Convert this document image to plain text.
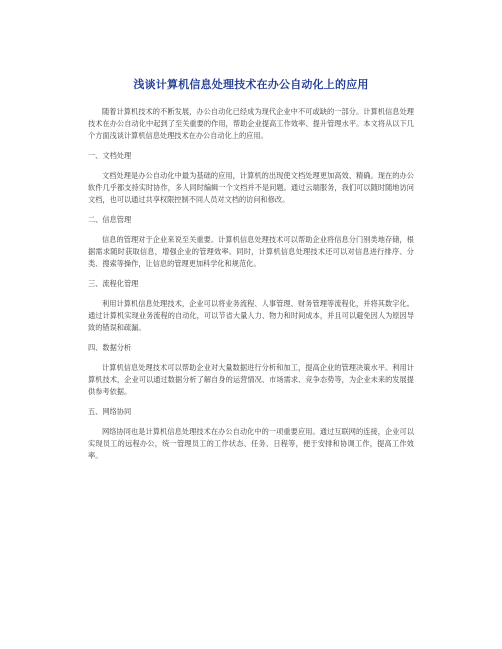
浅谈计算机信息处理技术在办公自动化上的应用

随着计算机技术的不断发展，办公自动化已经成为现代企业中不可或缺的一部分。计算机信息处理技术在办公自动化中起到了至关重要的作用，帮助企业提高工作效率、提升管理水平。本文将从以下几个方面浅谈计算机信息处理技术在办公自动化上的应用。

一、文档处理

文档处理是办公自动化中最为基础的应用，计算机的出现使文档处理更加高效、精确。现在的办公软件几乎都支持实时协作，多人同时编辑一个文档并不是问题。通过云端服务，我们可以随时随地访问文档，也可以通过共享权限控制不同人员对文档的访问和修改。

二、信息管理

信息的管理对于企业来说至关重要。计算机信息处理技术可以帮助企业将信息分门别类地存储，根据需求随时获取信息，增强企业的管理效率。同时，计算机信息处理技术还可以对信息进行排序、分类、搜索等操作，让信息的管理更加科学化和规范化。

三、流程化管理

利用计算机信息处理技术，企业可以将业务流程、人事管理、财务管理等流程化，并将其数字化。通过计算机实现业务流程的自动化，可以节省大量人力、物力和时间成本，并且可以避免因人为原因导致的错误和疏漏。

四、数据分析

计算机信息处理技术可以帮助企业对大量数据进行分析和加工，提高企业的管理决策水平。利用计算机技术，企业可以通过数据分析了解自身的运营情况、市场需求、竞争态势等，为企业未来的发展提供参考依据。

五、网络协同

网络协同也是计算机信息处理技术在办公自动化中的一项重要应用。通过互联网的连接，企业可以实现员工的远程办公，统一管理员工的工作状态、任务、日程等，便于安排和协调工作，提高工作效率。
